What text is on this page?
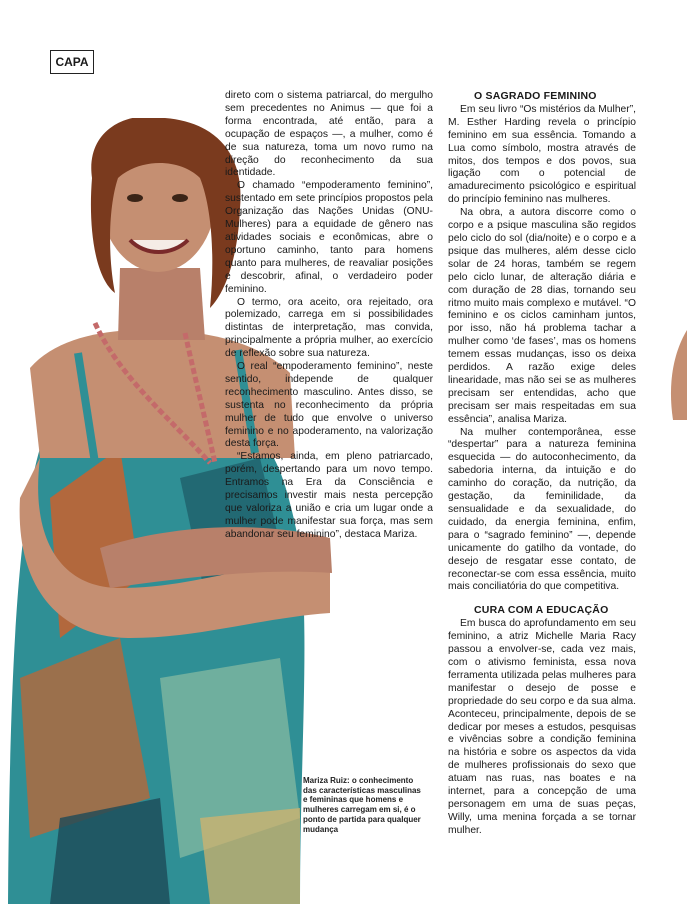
CAPA

direto com o sistema patriarcal, do mergulho sem precedentes no Animus — que foi a forma encontrada, até então, para a ocupação de espaços —, a mulher, como é de sua natureza, toma um novo rumo na direção do reconhecimento da sua identidade.

O chamado “empoderamento feminino”, sustentado em sete princípios propostos pela Organização das Nações Unidas (ONU-Mulheres) para a equidade de gênero nas atividades sociais e econômicas, abre o oportuno caminho, tanto para homens quanto para mulheres, de reavaliar posições e descobrir, afinal, o verdadeiro poder feminino.

O termo, ora aceito, ora rejeitado, ora polemizado, carrega em si possibilidades distintas de interpretação, mas convida, principalmente a própria mulher, ao exercício de reflexão sobre sua natureza.

O real “empoderamento feminino”, neste sentido, independe de qualquer reconhecimento masculino. Antes disso, se sustenta no reconhecimento da própria mulher de tudo que envolve o universo feminino e no apoderamento, na valorização desta força.

“Estamos, ainda, em pleno patriarcado, porém, despertando para um novo tempo. Entramos na Era da Consciência e precisamos investir mais nesta percepção que valoriza a união e cria um lugar onde a mulher pode manifestar sua força, mas sem abandonar seu feminino”, destaca Mariza.

O SAGRADO FEMININO

Em seu livro “Os mistérios da Mulher”, M. Esther Harding revela o princípio feminino em sua essência. Tomando a Lua como símbolo, mostra através de mitos, dos tempos e dos povos, sua ligação com o potencial de amadurecimento psicológico e espiritual do princípio feminino nas mulheres.

Na obra, a autora discorre como o corpo e a psique masculina são regidos pelo ciclo do sol (dia/noite) e o corpo e a psique das mulheres, além desse ciclo solar de 24 horas, também se regem pelo ciclo lunar, de alteração diária e com duração de 28 dias, tornando seu ritmo muito mais complexo e mutável. “O feminino e os ciclos caminham juntos, por isso, não há problema tachar a mulher como ‘de fases’, mas os homens temem essas mudanças, isso os deixa perdidos. A razão exige deles linearidade, mas não sei se as mulheres precisam ser entendidas, acho que precisam ser mais respeitadas em sua essência”, analisa Mariza.

Na mulher contemporânea, esse “despertar” para a natureza feminina esquecida — do autoconhecimento, da sabedoria interna, da intuição e do caminho do coração, da nutrição, da gestação, da feminilidade, da sensualidade e da sexualidade, do cuidado, da energia feminina, enfim, para o “sagrado feminino” —, depende unicamente do gatilho da vontade, do desejo de resgatar esse contato, de reconectar-se com essa essência, muito mais conciliatória do que competitiva.

CURA COM A EDUCAÇÃO

Em busca do aprofundamento em seu feminino, a atriz Michelle Maria Racy passou a envolver-se, cada vez mais, com o ativismo feminista, essa nova ferramenta utilizada pelas mulheres para manifestar o desejo de posse e propriedade do seu corpo e da sua alma. Aconteceu, principalmente, depois de se dedicar por meses a estudos, pesquisas e vivências sobre a condição feminina na história e sobre os aspectos da vida de mulheres profissionais do sexo que atuam nas ruas, nas boates e na internet, para a concepção de uma personagem em uma de suas peças, Willy, uma menina forçada a se tornar mulher.

Mariza Ruiz: o conhecimento das características masculinas e femininas que homens e mulheres carregam em si, é o ponto de partida para qualquer mudança
